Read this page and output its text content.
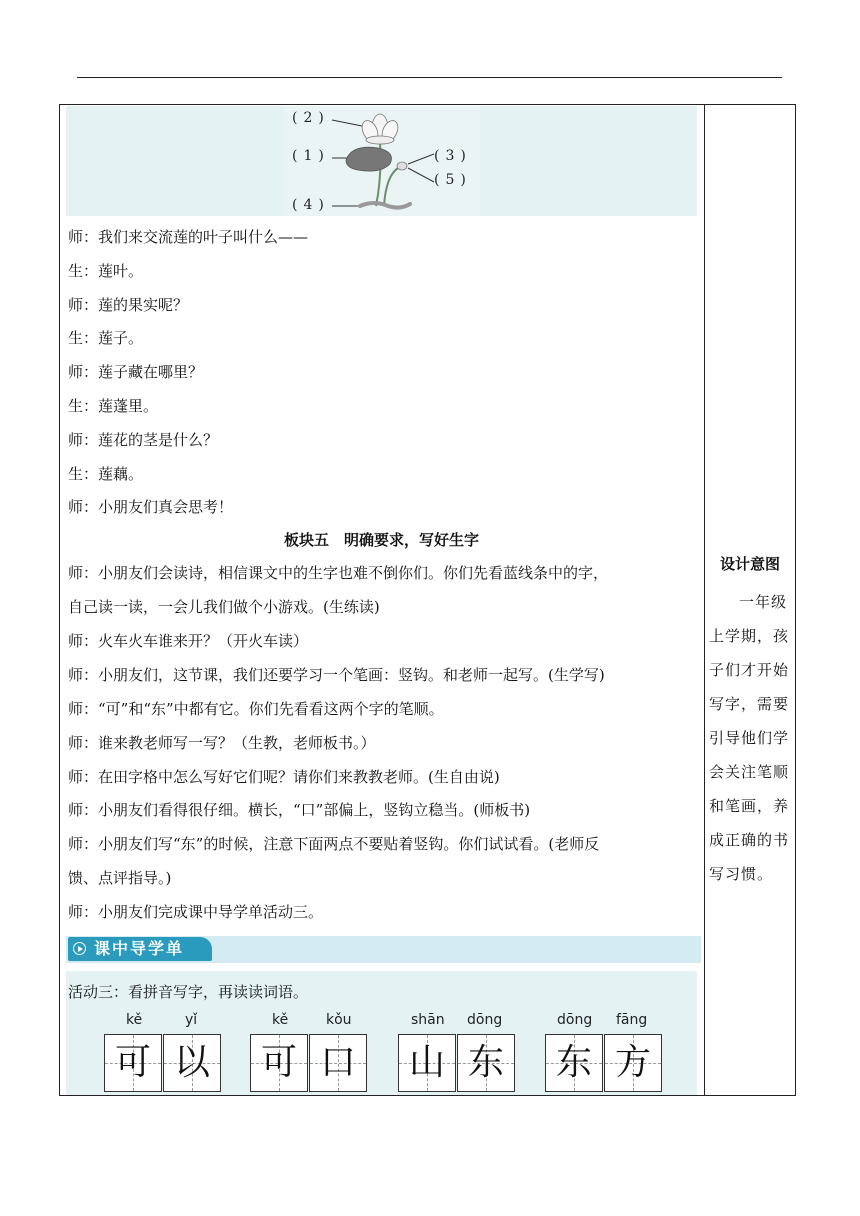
(2)
(1)	(3)
(5)
(4)
师：我们来交流莲的叶子叫什么——
生：莲叶。
师：莲的果实呢？
生：莲子。
师：莲子藏在哪里？
生：莲蓬里。
师：莲花的茎是什么？
生：莲藕。
师：小朋友们真会思考！
板块五　明确要求，写好生字
师：小朋友们会读诗，相信课文中的生字也难不倒你们。你们先看蓝线条中的字，
自己读一读，一会儿我们做个小游戏。(生练读)
师：火车火车谁来开？（开火车读）
师：小朋友们，这节课，我们还要学习一个笔画：竖钩。和老师一起写。(生学写)
师：“可”和“东”中都有它。你们先看看这两个字的笔顺。
师：谁来教老师写一写？（生教，老师板书。）
师：在田字格中怎么写好它们呢？请你们来教教老师。(生自由说)
师：小朋友们看得很仔细。横长，“口”部偏上，竖钩立稳当。(师板书)
师：小朋友们写“东”的时候，注意下面两点不要贴着竖钩。你们试试看。(老师反
馈、点评指导。)
师：小朋友们完成课中导学单活动三。
设计意图
一年级上学期，孩子们才开始写字，需要引导他们学会关注笔顺和笔画，养成正确的书写习惯。
课中导学单
活动三：看拼音写字，再读读词语。
kě	yǐ
可 以
kě	kǒu
可 口
shān dōng
山 东
dōng fāng
东 方
